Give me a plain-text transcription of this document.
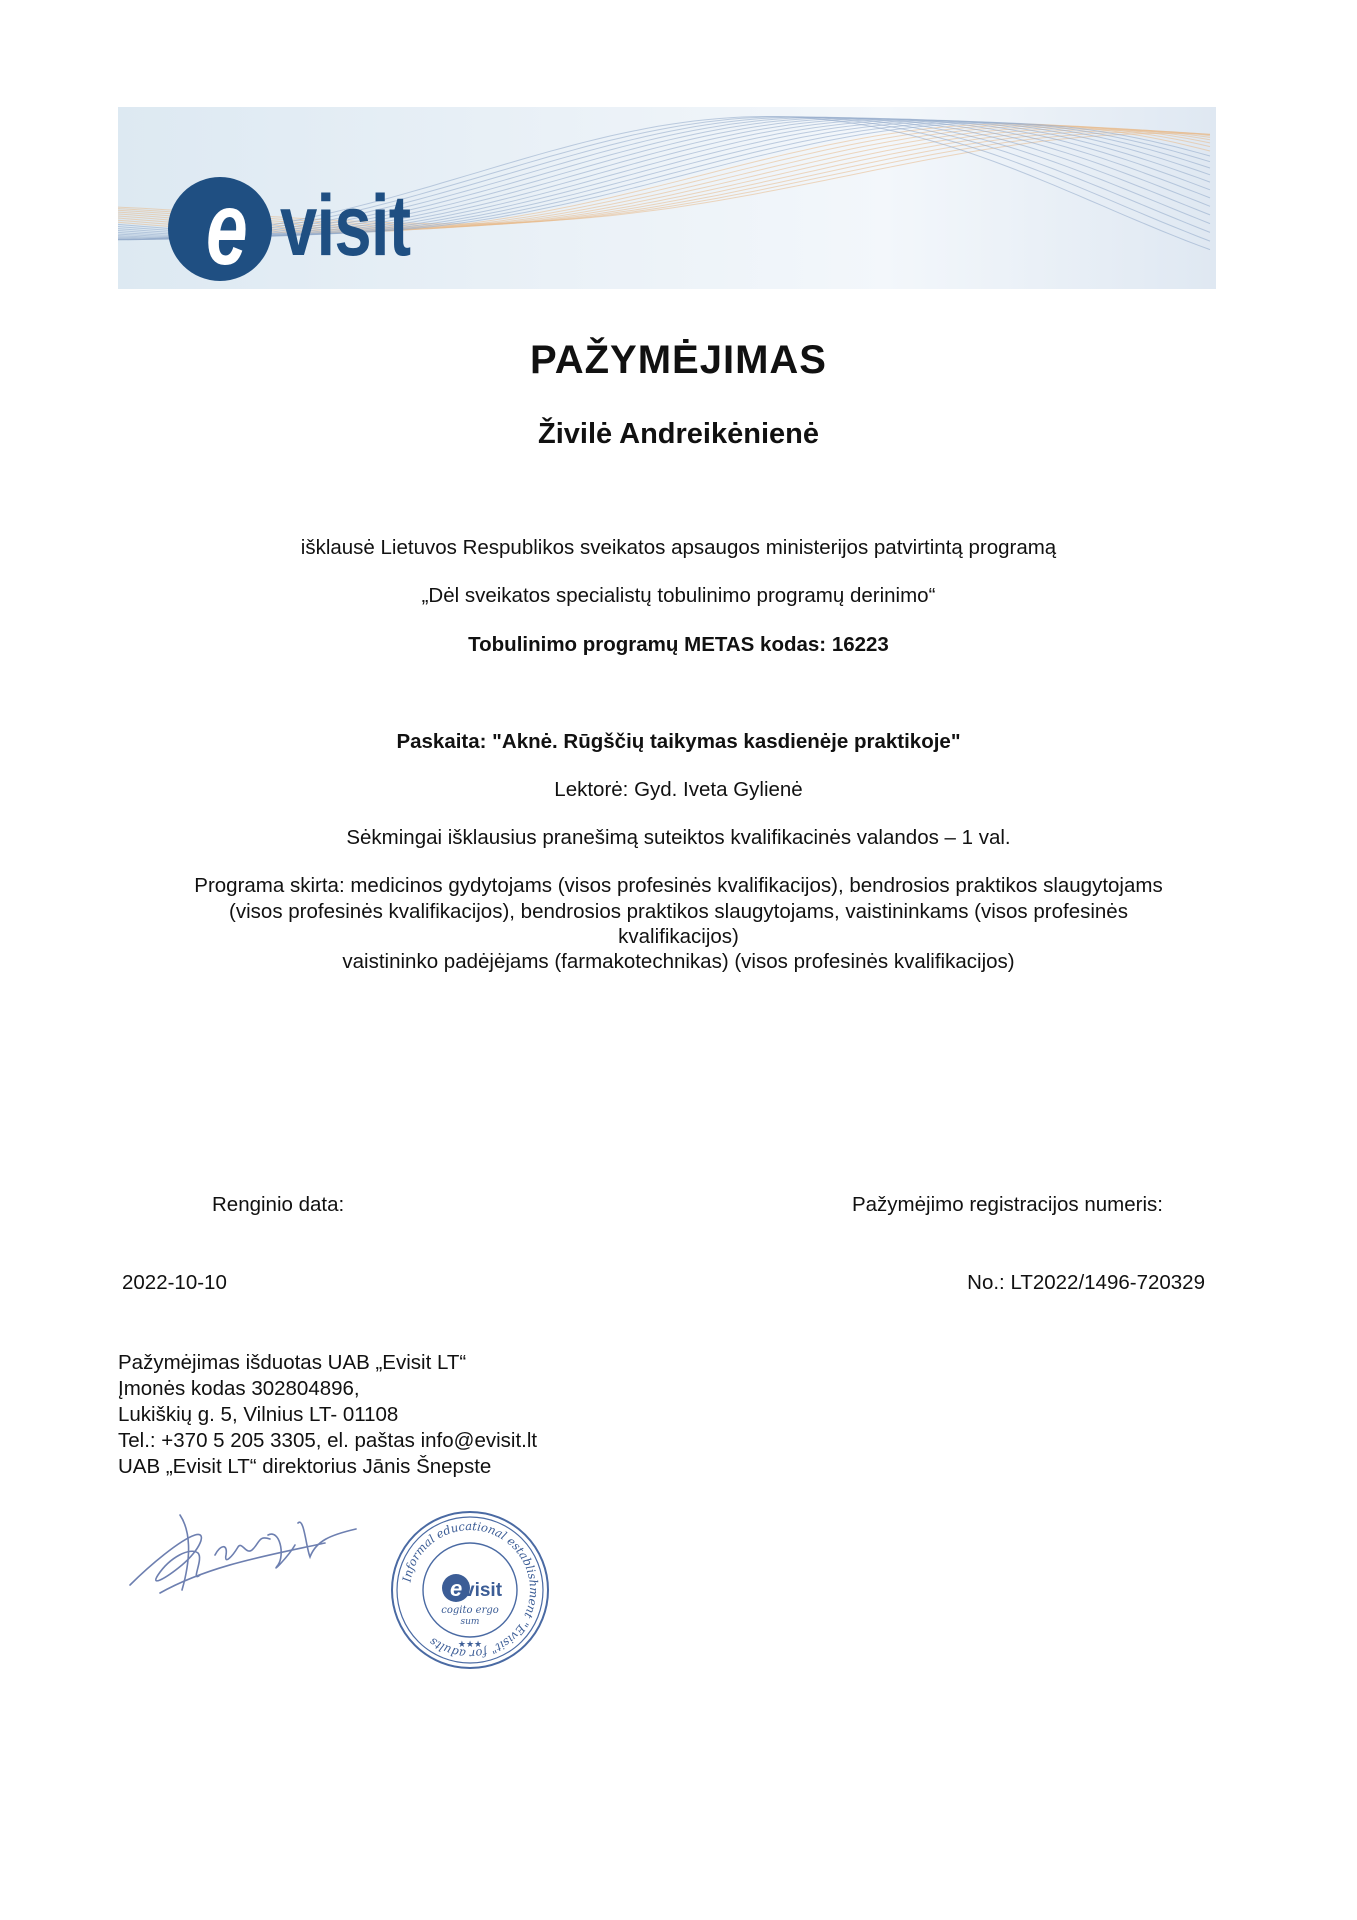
e visit
PAŽYMĖJIMAS
Živilė Andreikėnienė
išklausė Lietuvos Respublikos sveikatos apsaugos ministerijos patvirtintą programą
„Dėl sveikatos specialistų tobulinimo programų derinimo“
Tobulinimo programų METAS kodas: 16223
Paskaita: "Aknė. Rūgščių taikymas kasdienėje praktikoje"
Lektorė: Gyd. Iveta Gylienė
Sėkmingai išklausius pranešimą suteiktos kvalifikacinės valandos – 1 val.
Programa skirta: medicinos gydytojams (visos profesinės kvalifikacijos), bendrosios praktikos slaugytojams
(visos profesinės kvalifikacijos), bendrosios praktikos slaugytojams, vaistininkams (visos profesinės
kvalifikacijos)
vaistininko padėjėjams (farmakotechnikas) (visos profesinės kvalifikacijos)
Renginio data:	Pažymėjimo registracijos numeris:
2022-10-10	No.: LT2022/1496-720329
Pažymėjimas išduotas UAB „Evisit LT“
Įmonės kodas 302804896,
Lukiškių g. 5, Vilnius LT- 01108
Tel.: +370 5 205 3305, el. paštas info@evisit.lt
UAB „Evisit LT“ direktorius Jānis Šnepste
Informal educational establishment "Evisit" for adults
e visit
cogito ergo
sum
★★★
